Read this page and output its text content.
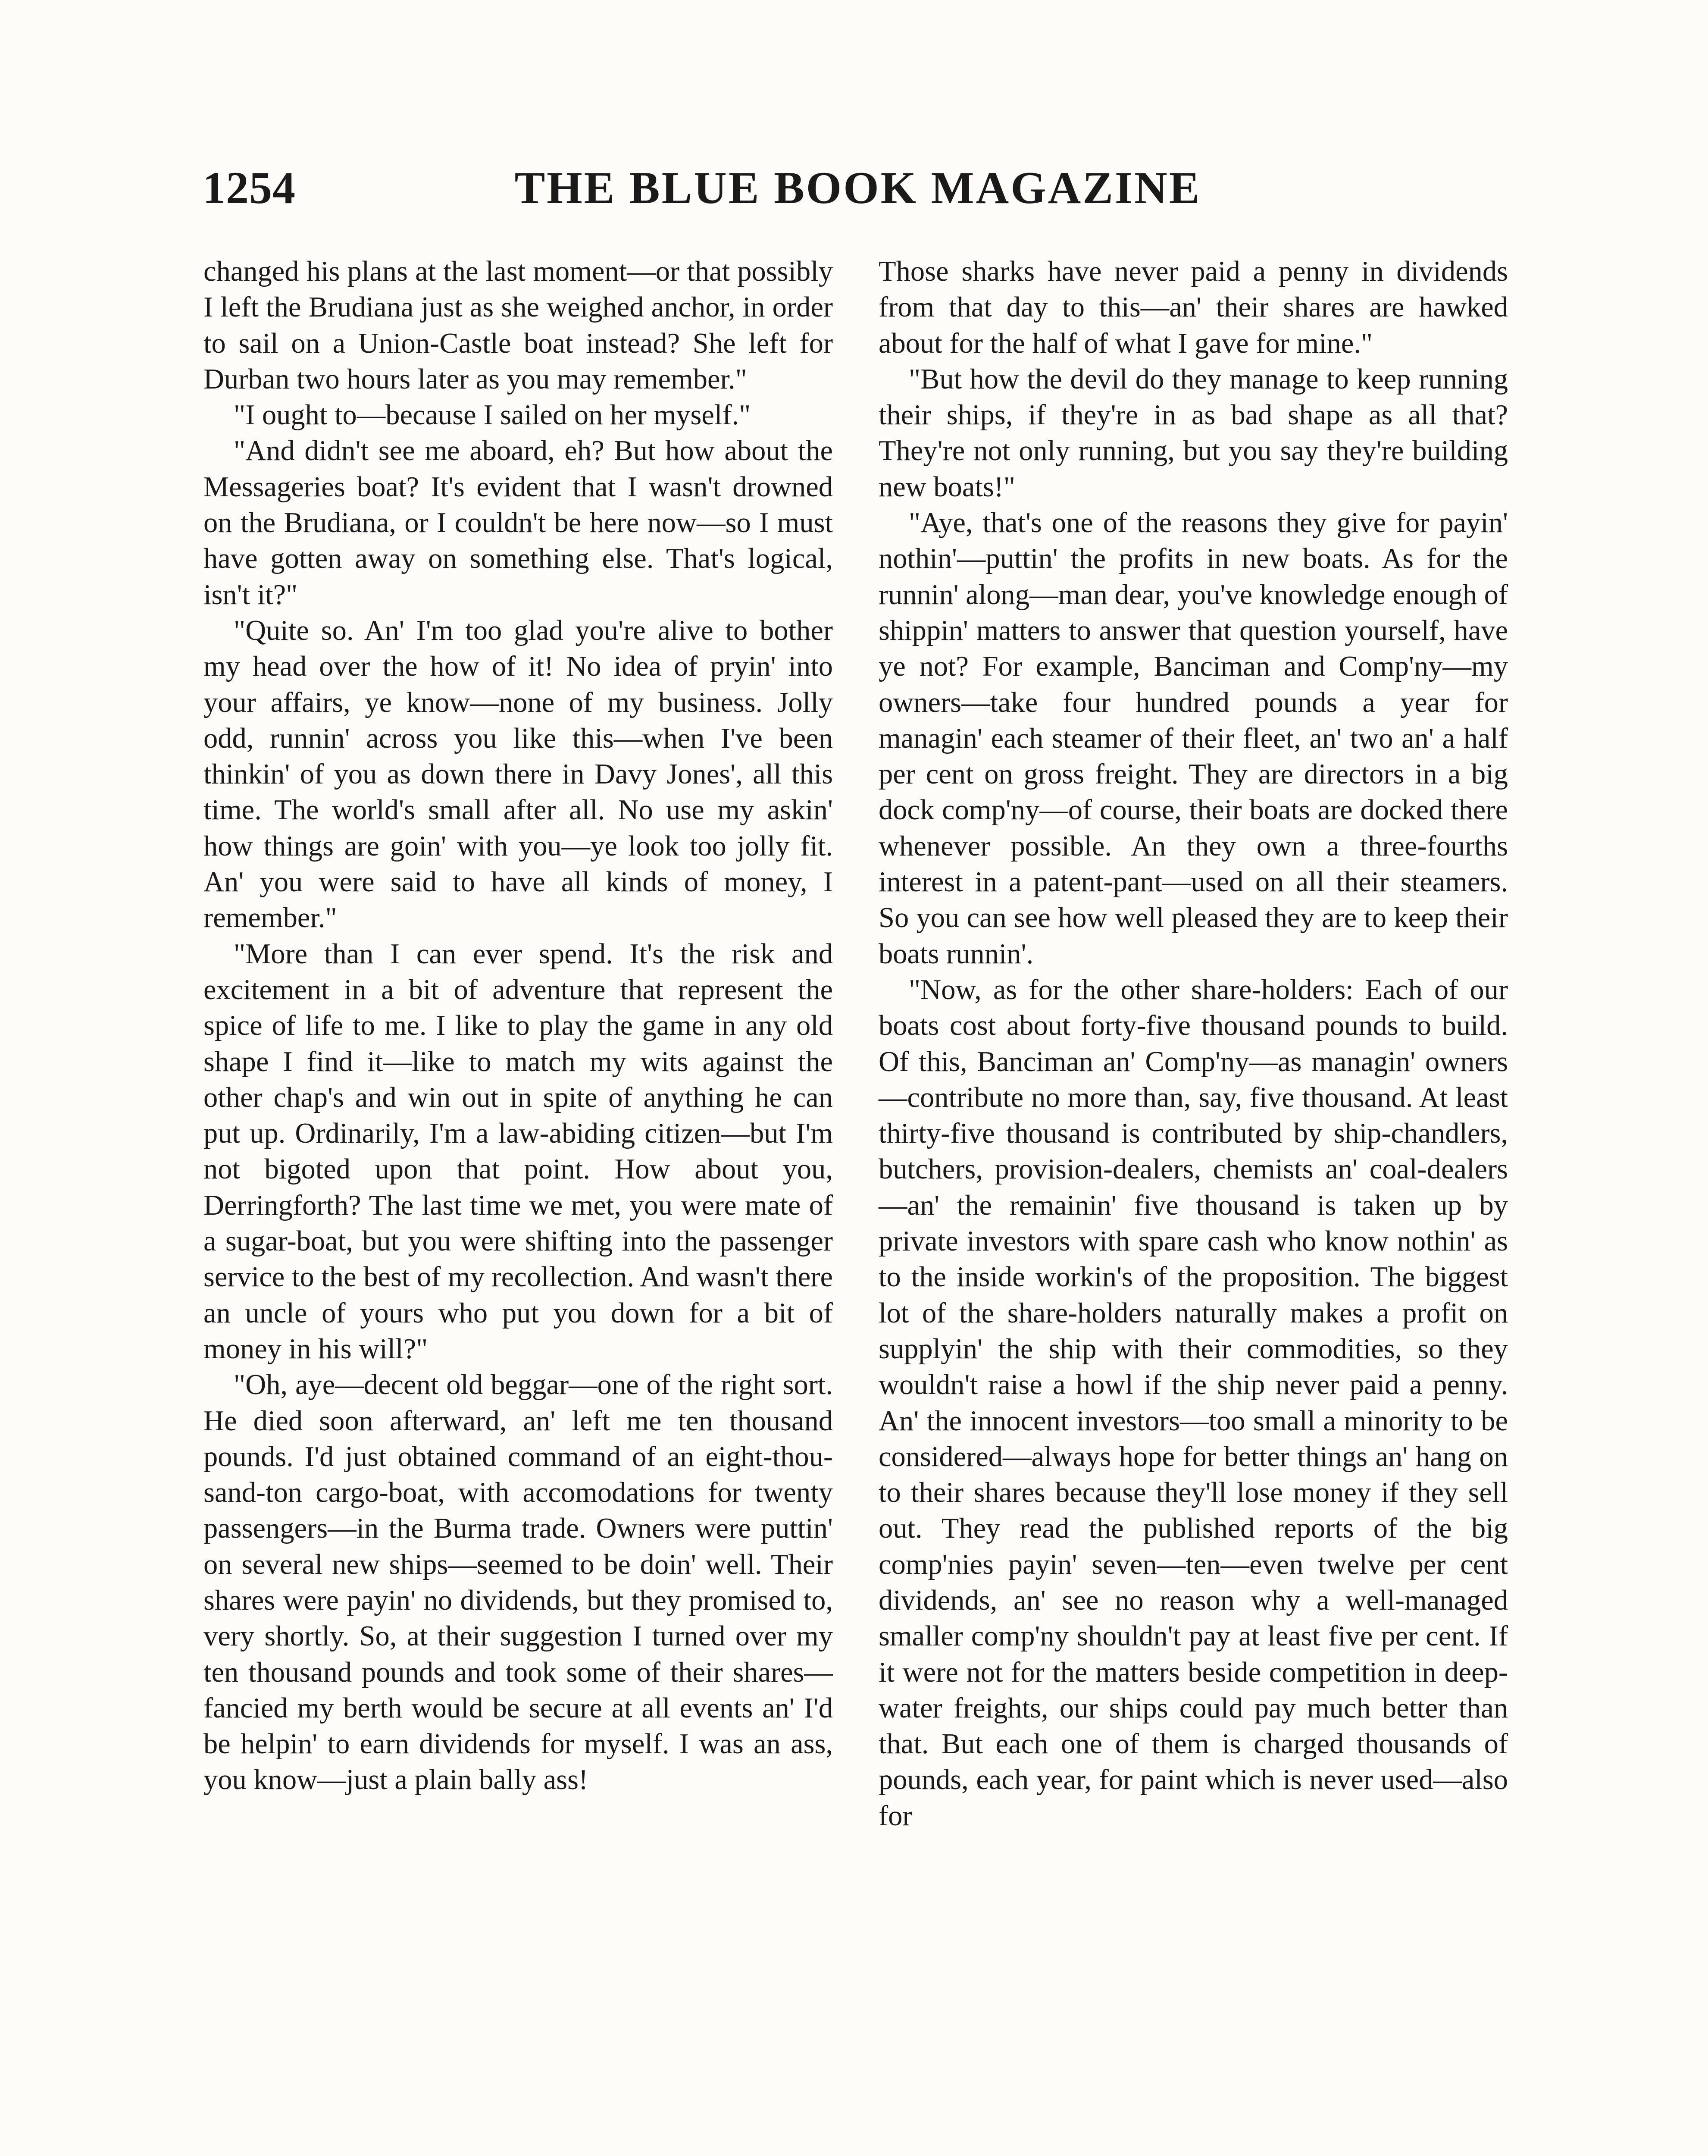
1254	THE BLUE BOOK MAGAZINE

changed his plans at the last moment—or that possibly I left the Brudiana just as she weighed anchor, in order to sail on a Union-Castle boat instead? She left for Durban two hours later as you may remember."

"I ought to—because I sailed on her myself."

"And didn't see me aboard, eh? But how about the Messageries boat? It's evident that I wasn't drowned on the Brudiana, or I couldn't be here now—so I must have gotten away on something else. That's logical, isn't it?"

"Quite so. An' I'm too glad you're alive to bother my head over the how of it! No idea of pryin' into your affairs, ye know—none of my business. Jolly odd, runnin' across you like this—when I've been thinkin' of you as down there in Davy Jones', all this time. The world's small after all. No use my askin' how things are goin' with you—ye look too jolly fit. An' you were said to have all kinds of money, I remember."

"More than I can ever spend. It's the risk and excitement in a bit of adventure that represent the spice of life to me. I like to play the game in any old shape I find it—like to match my wits against the other chap's and win out in spite of anything he can put up. Ordinarily, I'm a law-abiding citizen—but I'm not bigoted upon that point. How about you, Derringforth? The last time we met, you were mate of a sugar-boat, but you were shifting into the passenger service to the best of my recollection. And wasn't there an uncle of yours who put you down for a bit of money in his will?"

"Oh, aye—decent old beggar—one of the right sort. He died soon afterward, an' left me ten thousand pounds. I'd just obtained command of an eight-thousand-ton cargo-boat, with accomodations for twenty passengers—in the Burma trade. Owners were puttin' on several new ships—seemed to be doin' well. Their shares were payin' no dividends, but they promised to, very shortly. So, at their suggestion I turned over my ten thousand pounds and took some of their shares—fancied my berth would be secure at all events an' I'd be helpin' to earn dividends for myself. I was an ass, you know—just a plain bally ass!

Those sharks have never paid a penny in dividends from that day to this—an' their shares are hawked about for the half of what I gave for mine."

"But how the devil do they manage to keep running their ships, if they're in as bad shape as all that? They're not only running, but you say they're building new boats!"

"Aye, that's one of the reasons they give for payin' nothin'—puttin' the profits in new boats. As for the runnin' along—man dear, you've knowledge enough of shippin' matters to answer that question yourself, have ye not? For example, Banciman and Comp'ny—my owners—take four hundred pounds a year for managin' each steamer of their fleet, an' two an' a half per cent on gross freight. They are directors in a big dock comp'ny—of course, their boats are docked there whenever possible. An they own a three-fourths interest in a patent-pant—used on all their steamers. So you can see how well pleased they are to keep their boats runnin'.

"Now, as for the other share-holders: Each of our boats cost about forty-five thousand pounds to build. Of this, Banciman an' Comp'ny—as managin' owners—contribute no more than, say, five thousand. At least thirty-five thousand is contributed by ship-chandlers, butchers, provision-dealers, chemists an' coal-dealers—an' the remainin' five thousand is taken up by private investors with spare cash who know nothin' as to the inside workin's of the proposition. The biggest lot of the share-holders naturally makes a profit on supplyin' the ship with their commodities, so they wouldn't raise a howl if the ship never paid a penny. An' the innocent investors—too small a minority to be considered—always hope for better things an' hang on to their shares because they'll lose money if they sell out. They read the published reports of the big comp'nies payin' seven—ten—even twelve per cent dividends, an' see no reason why a well-managed smaller comp'ny shouldn't pay at least five per cent. If it were not for the matters beside competition in deep-water freights, our ships could pay much better than that. But each one of them is charged thousands of pounds, each year, for paint which is never used—also for
